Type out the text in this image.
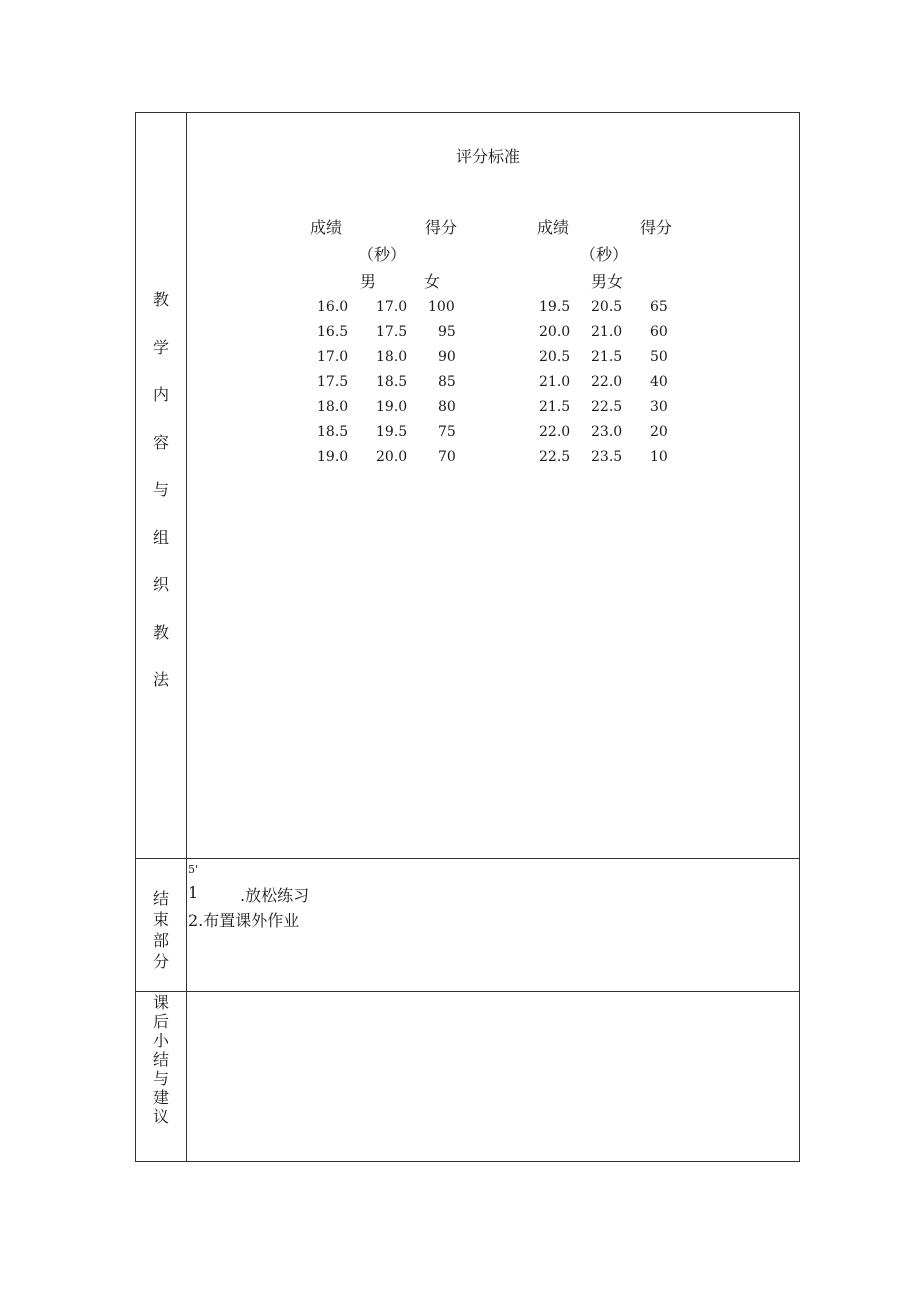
教
学
内
容
与
组
织
教
法
结
束
部
分
课
后
小
结
与
建
议
评分标准
成绩	得分
（秒）
男	女
成绩	得分
（秒）
男女
16.0 17.0 100
16.5 17.5 95
17.0 18.0 90
17.5 18.5 85
18.0 19.0 80
18.5 19.5 75
19.0 20.0 70
19.5 20.5 65
20.0 21.0 60
20.5 21.5 50
21.0 22.0 40
21.5 22.5 30
22.0 23.0 20
22.5 23.5 10
5'
1	.放松练习
2.布置课外作业
